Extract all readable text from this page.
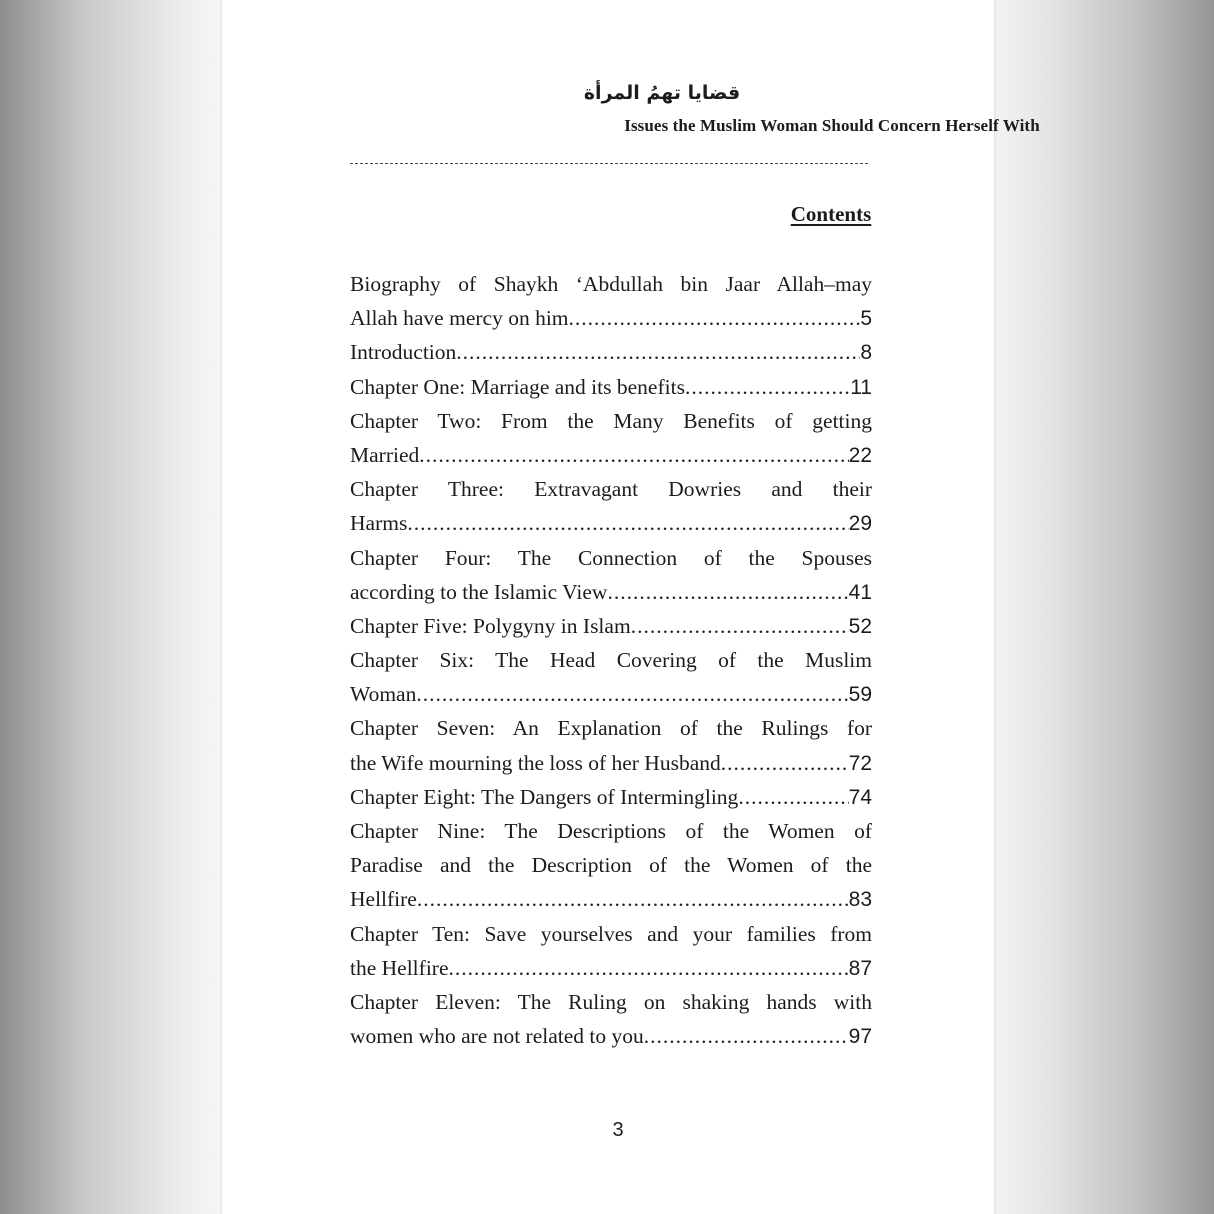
قضايا تهمُ المرأة
Issues the Muslim Woman Should Concern Herself With
Contents
Biography of Shaykh ‘Abdullah bin Jaar Allah–may
Allah have mercy on him .....	5
Introduction .....	8
Chapter One: Marriage and its benefits .....	11
Chapter Two: From the Many Benefits of getting
Married .....	22
Chapter Three: Extravagant Dowries and their
Harms .....	29
Chapter Four: The Connection of the Spouses
according to the Islamic View .....	41
Chapter Five: Polygyny in Islam .....	52
Chapter Six: The Head Covering of the Muslim
Woman .....	59
Chapter Seven: An Explanation of the Rulings for
the Wife mourning the loss of her Husband .....	72
Chapter Eight: The Dangers of Intermingling .....	74
Chapter Nine: The Descriptions of the Women of
Paradise and the Description of the Women of the
Hellfire .....	83
Chapter Ten: Save yourselves and your families from
the Hellfire .....	87
Chapter Eleven: The Ruling on shaking hands with
women who are not related to you .....	97
3
